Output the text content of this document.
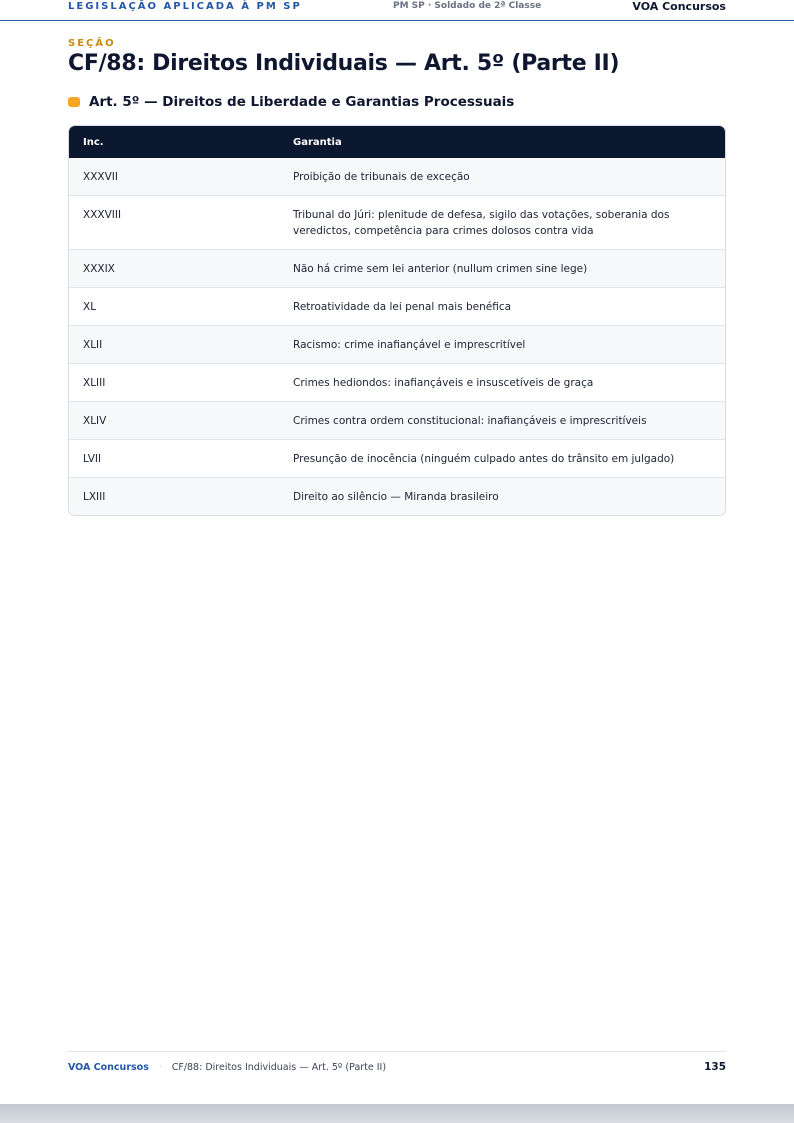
LEGISLAÇÃO APLICADA À PM SP	PM SP · Soldado de 2ª Classe	VOA Concursos
SEÇÃO
CF/88: Direitos Individuais — Art. 5º (Parte II)
Art. 5º — Direitos de Liberdade e Garantias Processuais
Inc.	Garantia
XXXVII	Proibição de tribunais de exceção
XXXVIII	Tribunal do Júri: plenitude de defesa, sigilo das votações, soberania dos veredictos, competência para crimes dolosos contra vida
XXXIX	Não há crime sem lei anterior (nullum crimen sine lege)
XL	Retroatividade da lei penal mais benéfica
XLII	Racismo: crime inafiançável e imprescritível
XLIII	Crimes hediondos: inafiançáveis e insuscetíveis de graça
XLIV	Crimes contra ordem constitucional: inafiançáveis e imprescritíveis
LVII	Presunção de inocência (ninguém culpado antes do trânsito em julgado)
LXIII	Direito ao silêncio — Miranda brasileiro
VOA Concursos · CF/88: Direitos Individuais — Art. 5º (Parte II)	135
